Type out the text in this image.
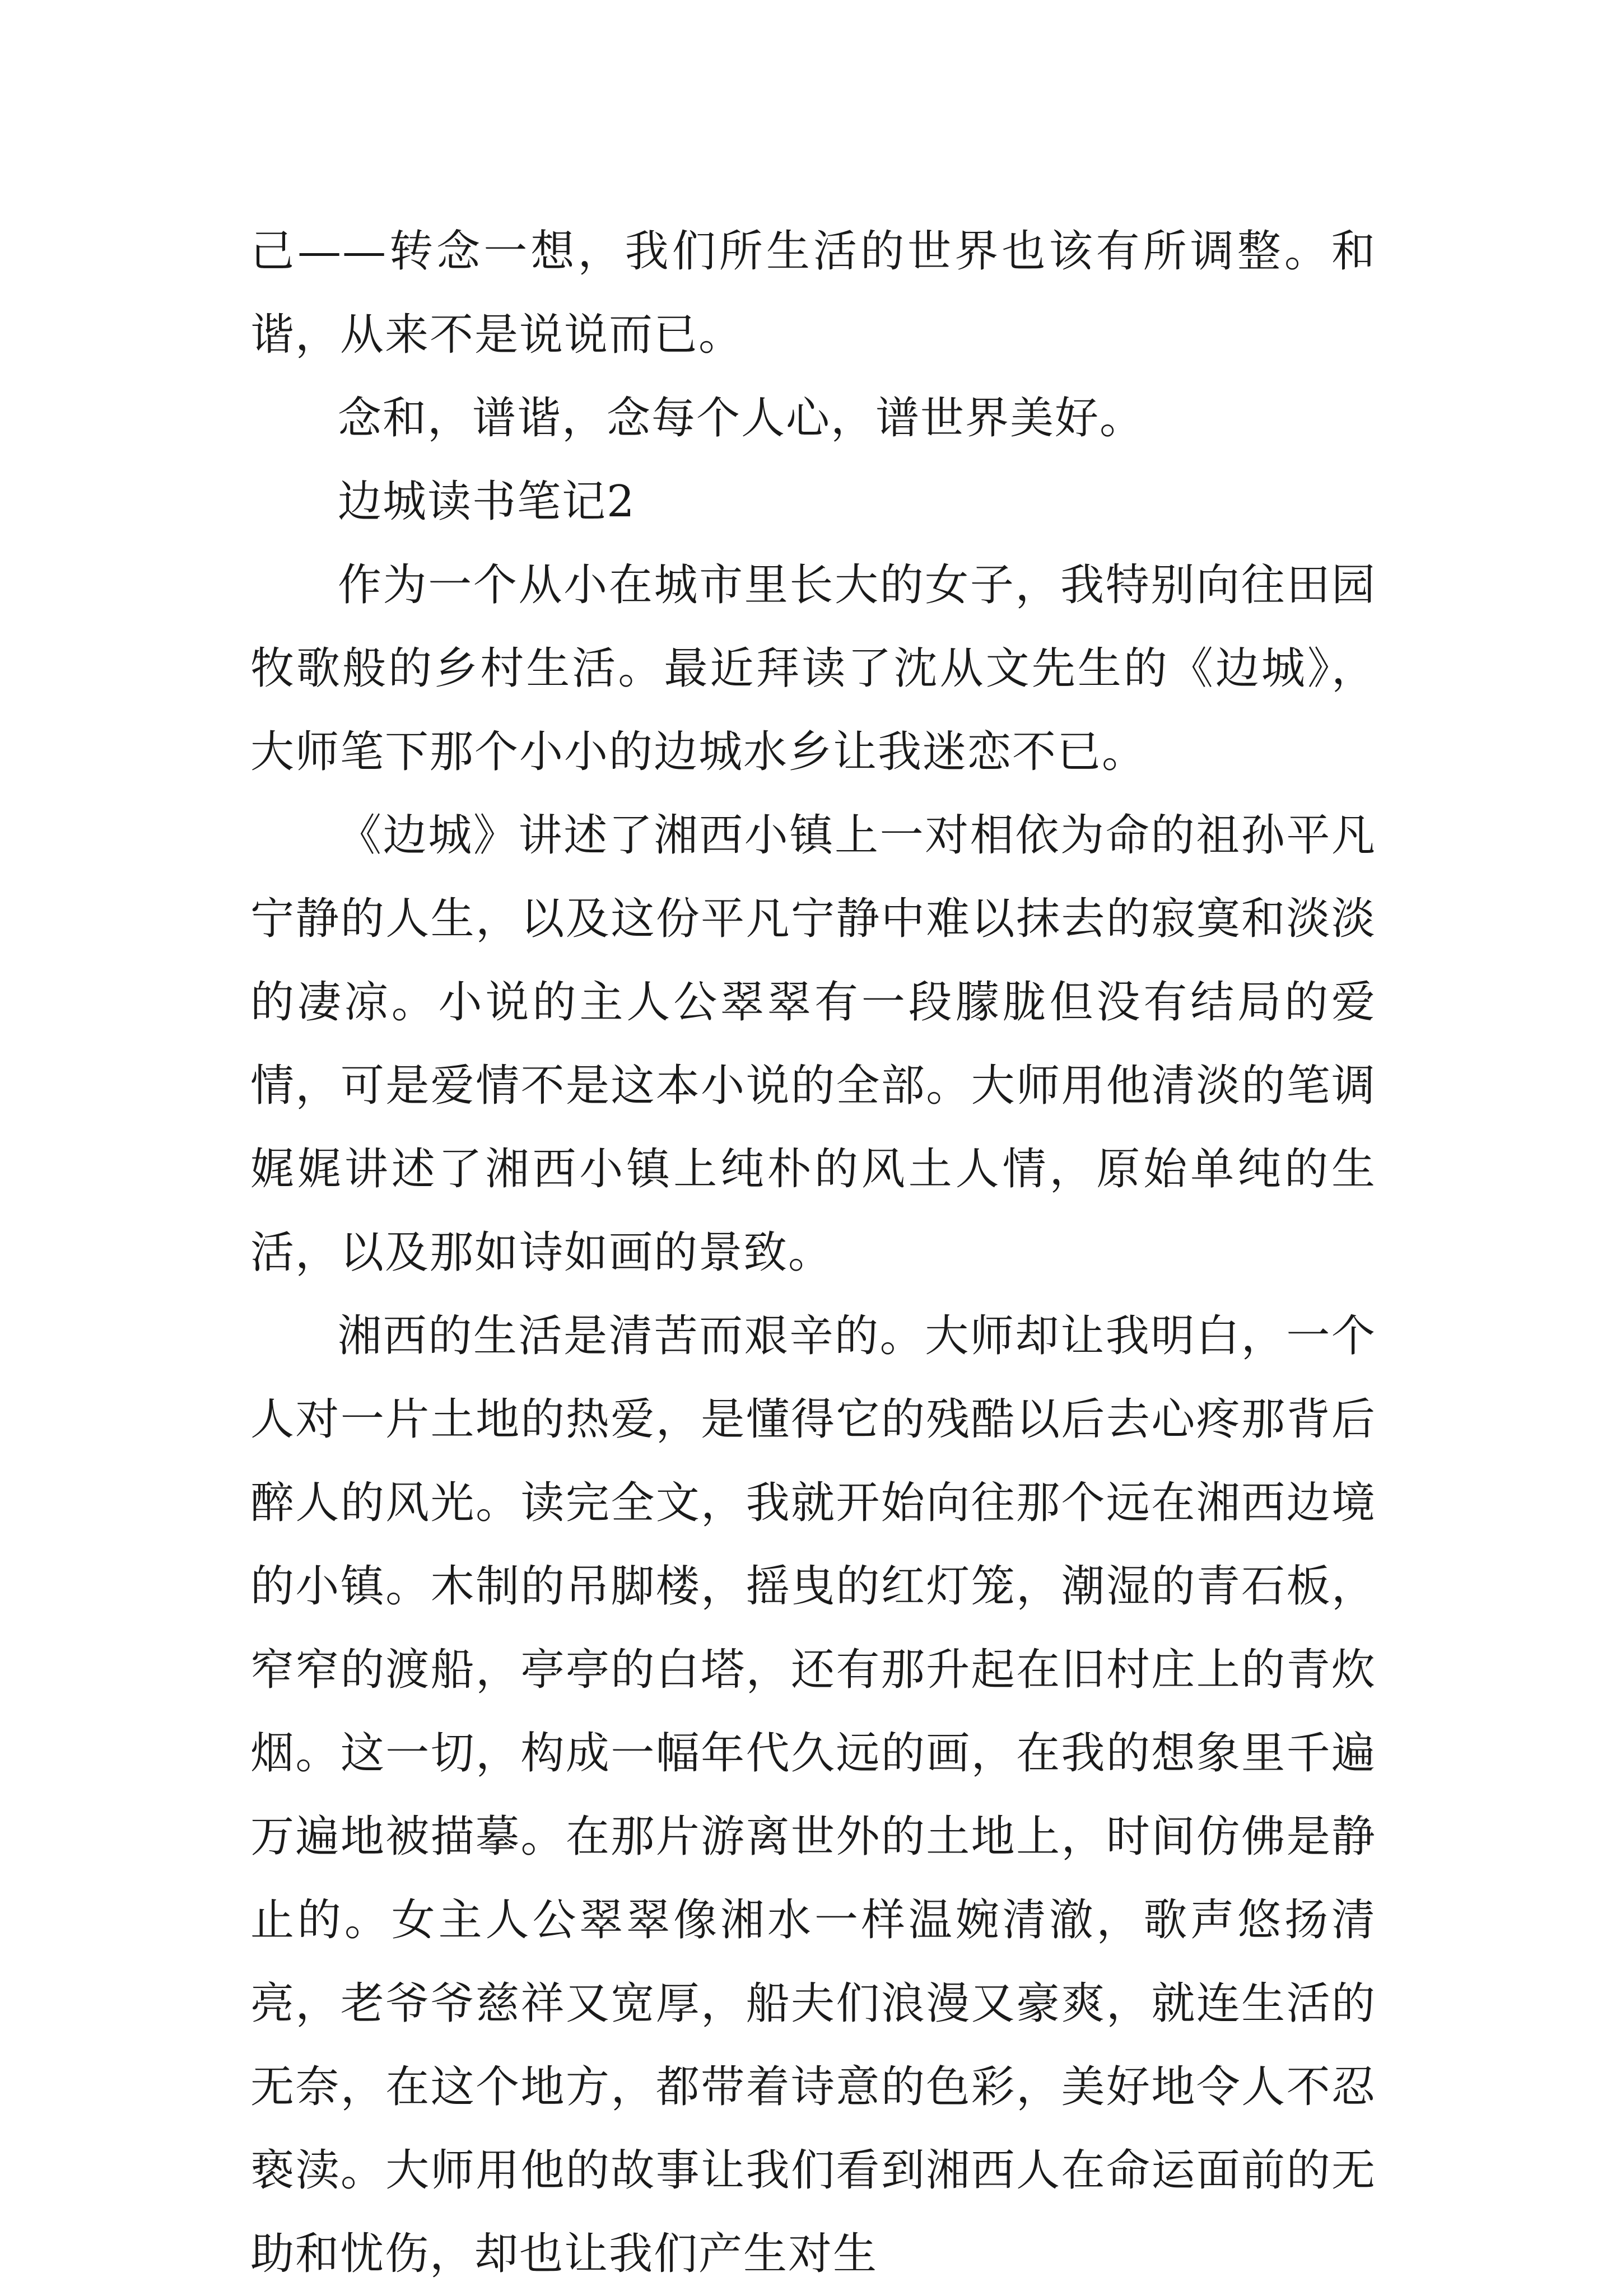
己——转念一想，我们所生活的世界也该有所调整。和谐，从来不是说说而已。

念和，谱谐，念每个人心，谱世界美好。

边城读书笔记2

作为一个从小在城市里长大的女子，我特别向往田园牧歌般的乡村生活。最近拜读了沈从文先生的《边城》，大师笔下那个小小的边城水乡让我迷恋不已。

《边城》讲述了湘西小镇上一对相依为命的祖孙平凡宁静的人生，以及这份平凡宁静中难以抹去的寂寞和淡淡的凄凉。小说的主人公翠翠有一段朦胧但没有结局的爱情，可是爱情不是这本小说的全部。大师用他清淡的笔调娓娓讲述了湘西小镇上纯朴的风土人情，原始单纯的生活，以及那如诗如画的景致。

湘西的生活是清苦而艰辛的。大师却让我明白，一个人对一片土地的热爱，是懂得它的残酷以后去心疼那背后醉人的风光。读完全文，我就开始向往那个远在湘西边境的小镇。木制的吊脚楼，摇曳的红灯笼，潮湿的青石板，窄窄的渡船，亭亭的白塔，还有那升起在旧村庄上的青炊烟。这一切，构成一幅年代久远的画，在我的想象里千遍万遍地被描摹。在那片游离世外的土地上，时间仿佛是静止的。女主人公翠翠像湘水一样温婉清澈，歌声悠扬清亮，老爷爷慈祥又宽厚，船夫们浪漫又豪爽，就连生活的无奈，在这个地方，都带着诗意的色彩，美好地令人不忍亵渎。大师用他的故事让我们看到湘西人在命运面前的无助和忧伤，却也让我们产生对生
